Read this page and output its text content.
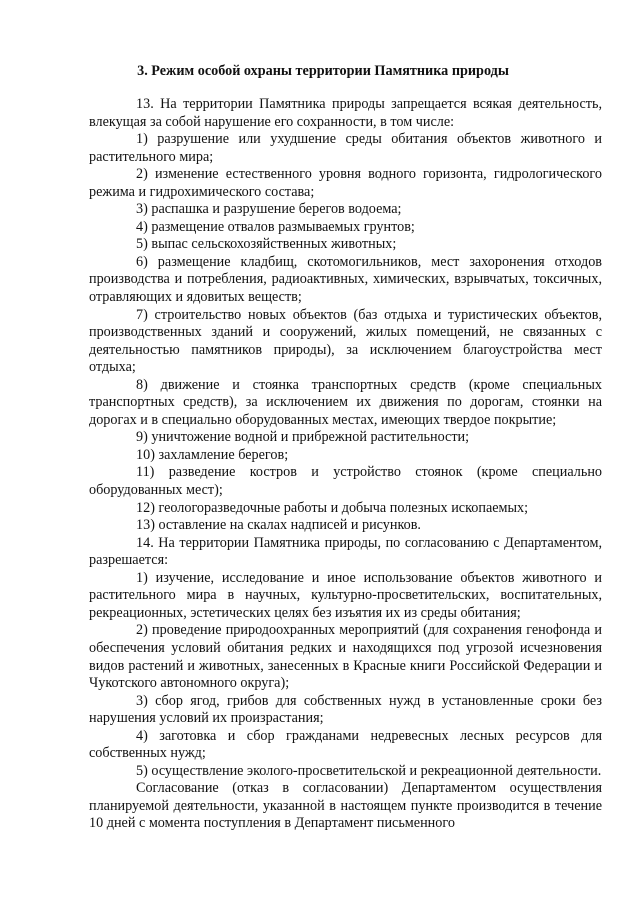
3. Режим особой охраны территории Памятника природы

13. На территории Памятника природы запрещается всякая деятельность, влекущая за собой нарушение его сохранности, в том числе:

1) разрушение или ухудшение среды обитания объектов животного и растительного мира;

2) изменение естественного уровня водного горизонта, гидрологического режима и гидрохимического состава;

3) распашка и разрушение берегов водоема;

4) размещение отвалов размываемых грунтов;

5) выпас сельскохозяйственных животных;

6) размещение кладбищ, скотомогильников, мест захоронения отходов производства и потребления, радиоактивных, химических, взрывчатых, токсичных, отравляющих и ядовитых веществ;

7) строительство новых объектов (баз отдыха и туристических объектов, производственных зданий и сооружений, жилых помещений, не связанных с деятельностью памятников природы), за исключением благоустройства мест отдыха;

8) движение и стоянка транспортных средств (кроме специальных транспортных средств), за исключением их движения по дорогам, стоянки на дорогах и в специально оборудованных местах, имеющих твердое покрытие;

9) уничтожение водной и прибрежной растительности;

10) захламление берегов;

11) разведение костров и устройство стоянок (кроме специально оборудованных мест);

12) геологоразведочные работы и добыча полезных ископаемых;

13) оставление на скалах надписей и рисунков.

14. На территории Памятника природы, по согласованию с Департаментом, разрешается:

1) изучение, исследование и иное использование объектов животного и растительного мира в научных, культурно-просветительских, воспитательных, рекреационных, эстетических целях без изъятия их из среды обитания;

2) проведение природоохранных мероприятий (для сохранения генофонда и обеспечения условий обитания редких и находящихся под угрозой исчезновения видов растений и животных, занесенных в Красные книги Российской Федерации и Чукотского автономного округа);

3) сбор ягод, грибов для собственных нужд в установленные сроки без нарушения условий их произрастания;

4) заготовка и сбор гражданами недревесных лесных ресурсов для собственных нужд;

5) осуществление эколого-просветительской и рекреационной деятельности.

Согласование (отказ в согласовании) Департаментом осуществления планируемой деятельности, указанной в настоящем пункте производится в течение 10 дней с момента поступления в Департамент письменного
